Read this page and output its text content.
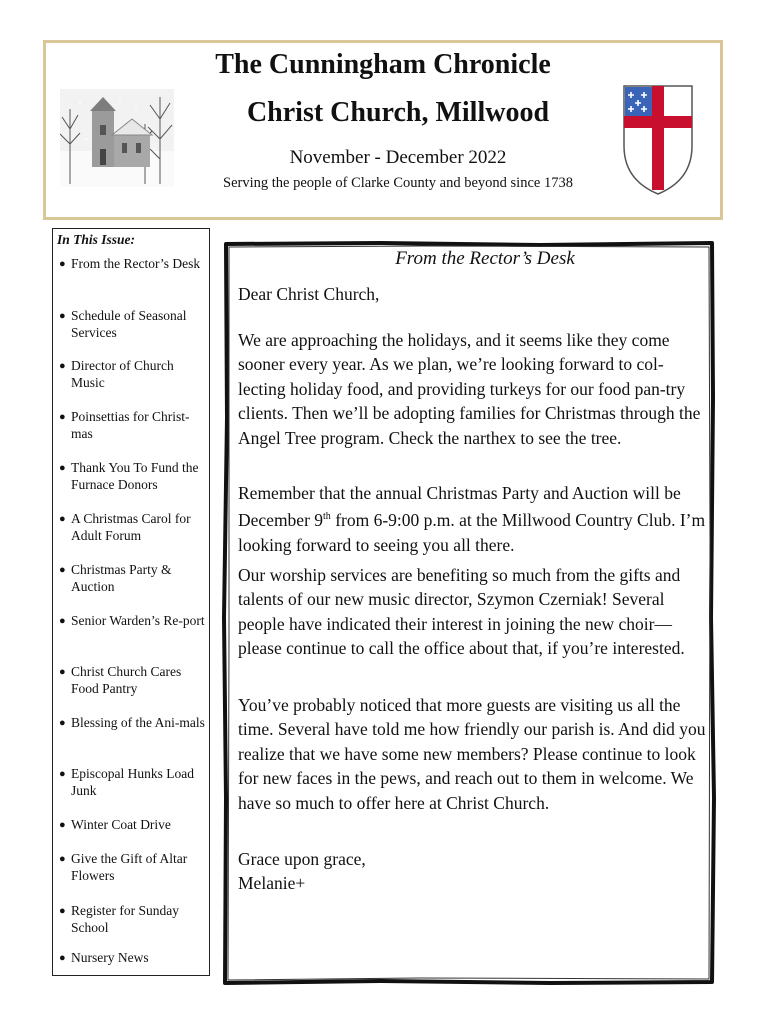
The Cunningham Chronicle
Christ Church, Millwood
November - December 2022
Serving the people of Clarke County and beyond since 1738
In This Issue:
● From the Rector’s Desk
● Schedule of Seasonal Services
● Director of Church Music
● Poinsettias for Christ-mas
● Thank You To Fund the Furnace Donors
● A Christmas Carol for Adult Forum
● Christmas Party & Auction
● Senior Warden’s Re-port
● Christ Church Cares Food Pantry
● Blessing of the Ani-mals
● Episcopal Hunks Load Junk
● Winter Coat Drive
● Give the Gift of Altar Flowers
● Register for Sunday School
● Nursery News
From the Rector’s Desk
Dear Christ Church,

We are approaching the holidays, and it seems like they come sooner every year. As we plan, we’re looking forward to col-lecting holiday food, and providing turkeys for our food pan-try clients. Then we’ll be adopting families for Christmas through the Angel Tree program. Check the narthex to see the tree.

Remember that the annual Christmas Party and Auction will be December 9th from 6-9:00 p.m. at the Millwood Country Club. I’m looking forward to seeing you all there.

Our worship services are benefiting so much from the gifts and talents of our new music director, Szymon Czerniak! Several people have indicated their interest in joining the new choir—please continue to call the office about that, if you’re interested.

You’ve probably noticed that more guests are visiting us all the time. Several have told me how friendly our parish is. And did you realize that we have some new members? Please continue to look for new faces in the pews, and reach out to them in welcome. We have so much to offer here at Christ Church.

Grace upon grace,
Melanie+
